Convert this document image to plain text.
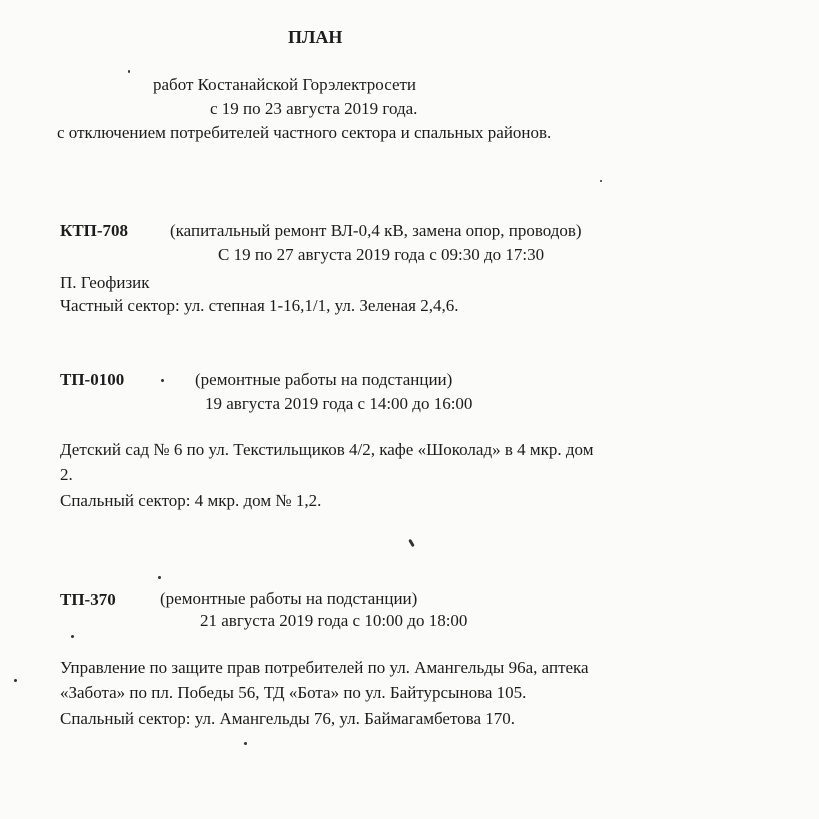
ПЛАН
работ Костанайской Горэлектросети
с 19 по 23 августа 2019 года.
с отключением потребителей частного сектора и спальных районов.
КТП-708 (капитальный ремонт ВЛ-0,4 кВ, замена опор, проводов)
С 19 по 27 августа 2019 года с 09:30 до 17:30
П. Геофизик
Частный сектор: ул. степная 1-16,1/1, ул. Зеленая 2,4,6.
ТП-0100	(ремонтные работы на подстанции)
19 августа 2019 года с 14:00 до 16:00
Детский сад № 6 по ул. Текстильщиков 4/2, кафе «Шоколад» в 4 мкр. дом
2.
Спальный сектор: 4 мкр. дом № 1,2.
ТП-370	(ремонтные работы на подстанции)
21 августа 2019 года с 10:00 до 18:00
Управление по защите прав потребителей по ул. Амангельды 96а, аптека
«Забота» по пл. Победы 56, ТД «Бота» по ул. Байтурсынова 105.
Спальный сектор: ул. Амангельды 76, ул. Баймагамбетова 170.
